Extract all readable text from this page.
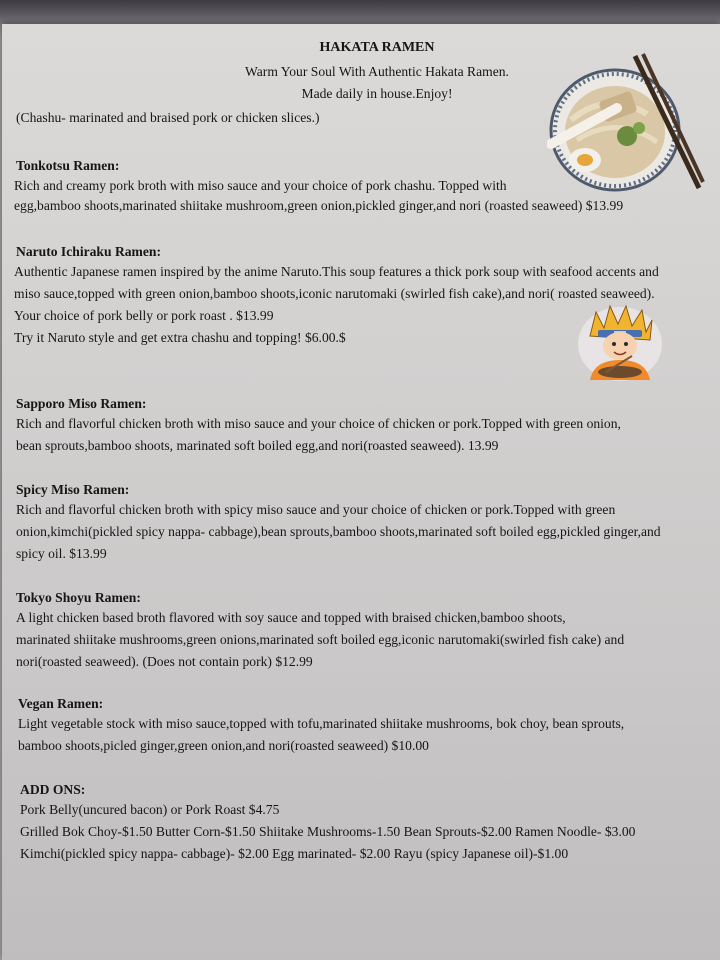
HAKATA RAMEN
Warm Your Soul With Authentic Hakata Ramen.
Made daily in house.Enjoy!
(Chashu- marinated and braised pork or chicken slices.)
Tonkotsu Ramen:
Rich and creamy pork broth with miso sauce and your choice of pork chashu. Topped with
egg,bamboo shoots,marinated shiitake mushroom,green onion,pickled ginger,and nori (roasted seaweed) $13.99
Naruto Ichiraku Ramen:
Authentic Japanese ramen inspired by the anime Naruto.This soup features a thick pork soup with seafood accents and
miso sauce,topped with green onion,bamboo shoots,iconic narutomaki (swirled fish cake),and nori( roasted seaweed).
Your choice of pork belly or pork roast . $13.99
Try it Naruto style and get extra chashu and topping! $6.00.$
Sapporo Miso Ramen:
Rich and flavorful chicken broth with miso sauce and your choice of chicken or pork.Topped with green onion,
bean sprouts,bamboo shoots, marinated soft boiled egg,and nori(roasted seaweed). 13.99
Spicy Miso Ramen:
Rich and flavorful chicken broth with spicy miso sauce and your choice of chicken or pork.Topped with green
onion,kimchi(pickled spicy nappa- cabbage),bean sprouts,bamboo shoots,marinated soft boiled egg,pickled ginger,and
spicy oil. $13.99
Tokyo Shoyu Ramen:
A light chicken based broth flavored with soy sauce and topped with braised chicken,bamboo shoots,
marinated shiitake mushrooms,green onions,marinated soft boiled egg,iconic narutomaki(swirled fish cake) and
nori(roasted seaweed). (Does not contain pork) $12.99
Vegan Ramen:
Light vegetable stock with miso sauce,topped with tofu,marinated shiitake mushrooms, bok choy, bean sprouts,
bamboo shoots,picled ginger,green onion,and nori(roasted seaweed) $10.00
ADD ONS:
Pork Belly(uncured bacon) or Pork Roast $4.75
Grilled Bok Choy-$1.50 Butter Corn-$1.50 Shiitake Mushrooms-1.50 Bean Sprouts-$2.00 Ramen Noodle- $3.00
Kimchi(pickled spicy nappa- cabbage)- $2.00 Egg marinated- $2.00 Rayu (spicy Japanese oil)-$1.00
